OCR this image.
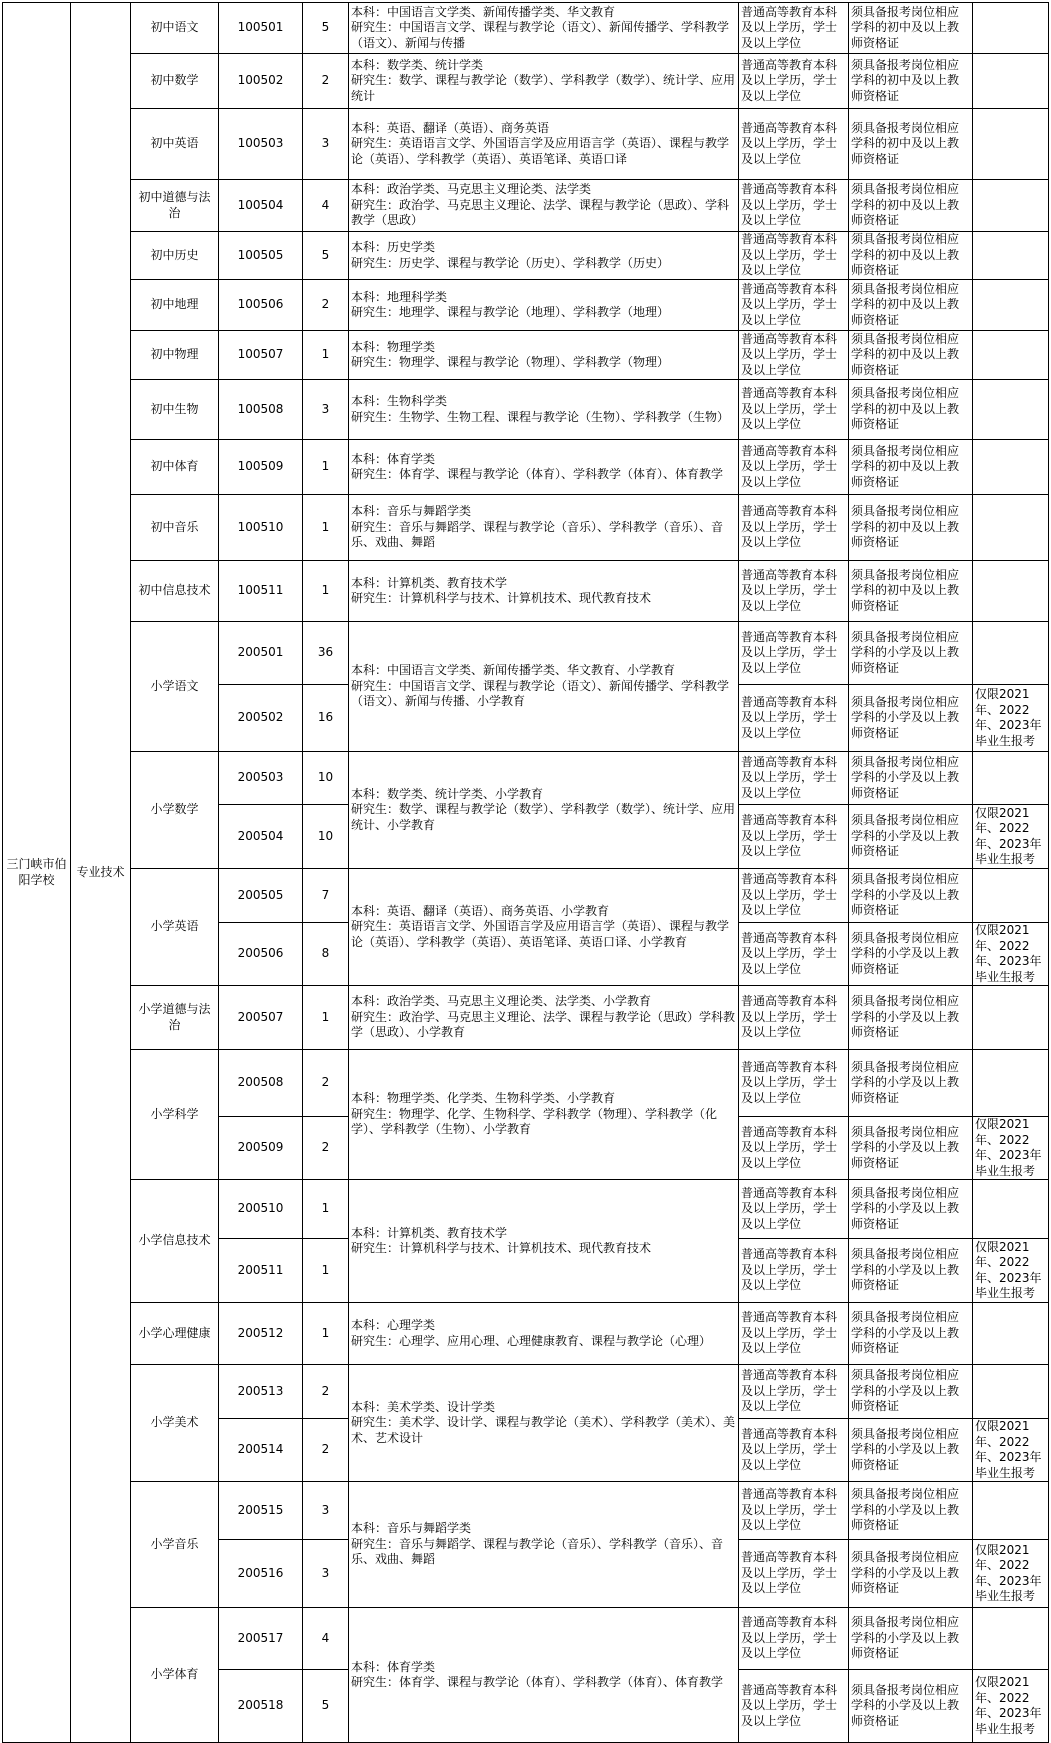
三门峡市伯阳学校	专业技术	初中语文	100501	5	本科：中国语言文学类、新闻传播学类、华文教育
研究生：中国语言文学、课程与教学论（语文）、新闻传播学、学科教学（语文）、新闻与传播	普通高等教育本科及以上学历，学士及以上学位	须具备报考岗位相应学科的初中及以上教师资格证	
		初中数学	100502	2	本科：数学类、统计学类
研究生：数学、课程与教学论（数学）、学科教学（数学）、统计学、应用统计	普通高等教育本科及以上学历，学士及以上学位	须具备报考岗位相应学科的初中及以上教师资格证	
		初中英语	100503	3	本科：英语、翻译（英语）、商务英语
研究生：英语语言文学、外国语言学及应用语言学（英语）、课程与教学论（英语）、学科教学（英语）、英语笔译、英语口译	普通高等教育本科及以上学历，学士及以上学位	须具备报考岗位相应学科的初中及以上教师资格证	
		初中道德与法治	100504	4	本科：政治学类、马克思主义理论类、法学类
研究生：政治学、马克思主义理论、法学、课程与教学论（思政）、学科教学（思政）	普通高等教育本科及以上学历，学士及以上学位	须具备报考岗位相应学科的初中及以上教师资格证	
		初中历史	100505	5	本科：历史学类
研究生：历史学、课程与教学论（历史）、学科教学（历史）	普通高等教育本科及以上学历，学士及以上学位	须具备报考岗位相应学科的初中及以上教师资格证	
		初中地理	100506	2	本科：地理科学类
研究生：地理学、课程与教学论（地理）、学科教学（地理）	普通高等教育本科及以上学历，学士及以上学位	须具备报考岗位相应学科的初中及以上教师资格证	
		初中物理	100507	1	本科：物理学类
研究生：物理学、课程与教学论（物理）、学科教学（物理）	普通高等教育本科及以上学历，学士及以上学位	须具备报考岗位相应学科的初中及以上教师资格证	
		初中生物	100508	3	本科：生物科学类
研究生：生物学、生物工程、课程与教学论（生物）、学科教学（生物）	普通高等教育本科及以上学历，学士及以上学位	须具备报考岗位相应学科的初中及以上教师资格证	
		初中体育	100509	1	本科：体育学类
研究生：体育学、课程与教学论（体育）、学科教学（体育）、体育教学	普通高等教育本科及以上学历，学士及以上学位	须具备报考岗位相应学科的初中及以上教师资格证	
		初中音乐	100510	1	本科：音乐与舞蹈学类
研究生：音乐与舞蹈学、课程与教学论（音乐）、学科教学（音乐）、音乐、戏曲、舞蹈	普通高等教育本科及以上学历，学士及以上学位	须具备报考岗位相应学科的初中及以上教师资格证	
		初中信息技术	100511	1	本科：计算机类、教育技术学
研究生：计算机科学与技术、计算机技术、现代教育技术	普通高等教育本科及以上学历，学士及以上学位	须具备报考岗位相应学科的初中及以上教师资格证	
		小学语文	200501	36	本科：中国语言文学类、新闻传播学类、华文教育、小学教育
研究生：中国语言文学、课程与教学论（语文）、新闻传播学、学科教学（语文）、新闻与传播、小学教育	普通高等教育本科及以上学历，学士及以上学位	须具备报考岗位相应学科的小学及以上教师资格证	
			200502	16		普通高等教育本科及以上学历，学士及以上学位	须具备报考岗位相应学科的小学及以上教师资格证	仅限2021年、2022年、2023年毕业生报考
		小学数学	200503	10	本科：数学类、统计学类、小学教育
研究生：数学、课程与教学论（数学）、学科教学（数学）、统计学、应用统计、小学教育	普通高等教育本科及以上学历，学士及以上学位	须具备报考岗位相应学科的小学及以上教师资格证	
			200504	10		普通高等教育本科及以上学历，学士及以上学位	须具备报考岗位相应学科的小学及以上教师资格证	仅限2021年、2022年、2023年毕业生报考
		小学英语	200505	7	本科：英语、翻译（英语）、商务英语、小学教育
研究生：英语语言文学、外国语言学及应用语言学（英语）、课程与教学论（英语）、学科教学（英语）、英语笔译、英语口译、小学教育	普通高等教育本科及以上学历，学士及以上学位	须具备报考岗位相应学科的小学及以上教师资格证	
			200506	8		普通高等教育本科及以上学历，学士及以上学位	须具备报考岗位相应学科的小学及以上教师资格证	仅限2021年、2022年、2023年毕业生报考
		小学道德与法治	200507	1	本科：政治学类、马克思主义理论类、法学类、小学教育
研究生：政治学、马克思主义理论、法学、课程与教学论（思政）学科教学（思政）、小学教育	普通高等教育本科及以上学历，学士及以上学位	须具备报考岗位相应学科的小学及以上教师资格证	
		小学科学	200508	2	本科：物理学类、化学类、生物科学类、小学教育
研究生：物理学、化学、生物科学、学科教学（物理）、学科教学（化学）、学科教学（生物）、小学教育	普通高等教育本科及以上学历，学士及以上学位	须具备报考岗位相应学科的小学及以上教师资格证	
			200509	2		普通高等教育本科及以上学历，学士及以上学位	须具备报考岗位相应学科的小学及以上教师资格证	仅限2021年、2022年、2023年毕业生报考
		小学信息技术	200510	1	本科：计算机类、教育技术学
研究生：计算机科学与技术、计算机技术、现代教育技术	普通高等教育本科及以上学历，学士及以上学位	须具备报考岗位相应学科的小学及以上教师资格证	
			200511	1		普通高等教育本科及以上学历，学士及以上学位	须具备报考岗位相应学科的小学及以上教师资格证	仅限2021年、2022年、2023年毕业生报考
		小学心理健康	200512	1	本科：心理学类
研究生：心理学、应用心理、心理健康教育、课程与教学论（心理）	普通高等教育本科及以上学历，学士及以上学位	须具备报考岗位相应学科的小学及以上教师资格证	
		小学美术	200513	2	本科：美术学类、设计学类
研究生：美术学、设计学、课程与教学论（美术）、学科教学（美术）、美术、艺术设计	普通高等教育本科及以上学历，学士及以上学位	须具备报考岗位相应学科的小学及以上教师资格证	
			200514	2		普通高等教育本科及以上学历，学士及以上学位	须具备报考岗位相应学科的小学及以上教师资格证	仅限2021年、2022年、2023年毕业生报考
		小学音乐	200515	3	本科：音乐与舞蹈学类
研究生：音乐与舞蹈学、课程与教学论（音乐）、学科教学（音乐）、音乐、戏曲、舞蹈	普通高等教育本科及以上学历，学士及以上学位	须具备报考岗位相应学科的小学及以上教师资格证	
			200516	3		普通高等教育本科及以上学历，学士及以上学位	须具备报考岗位相应学科的小学及以上教师资格证	仅限2021年、2022年、2023年毕业生报考
		小学体育	200517	4	本科：体育学类
研究生：体育学、课程与教学论（体育）、学科教学（体育）、体育教学	普通高等教育本科及以上学历，学士及以上学位	须具备报考岗位相应学科的小学及以上教师资格证	
			200518	5		普通高等教育本科及以上学历，学士及以上学位	须具备报考岗位相应学科的小学及以上教师资格证	仅限2021年、2022年、2023年毕业生报考
